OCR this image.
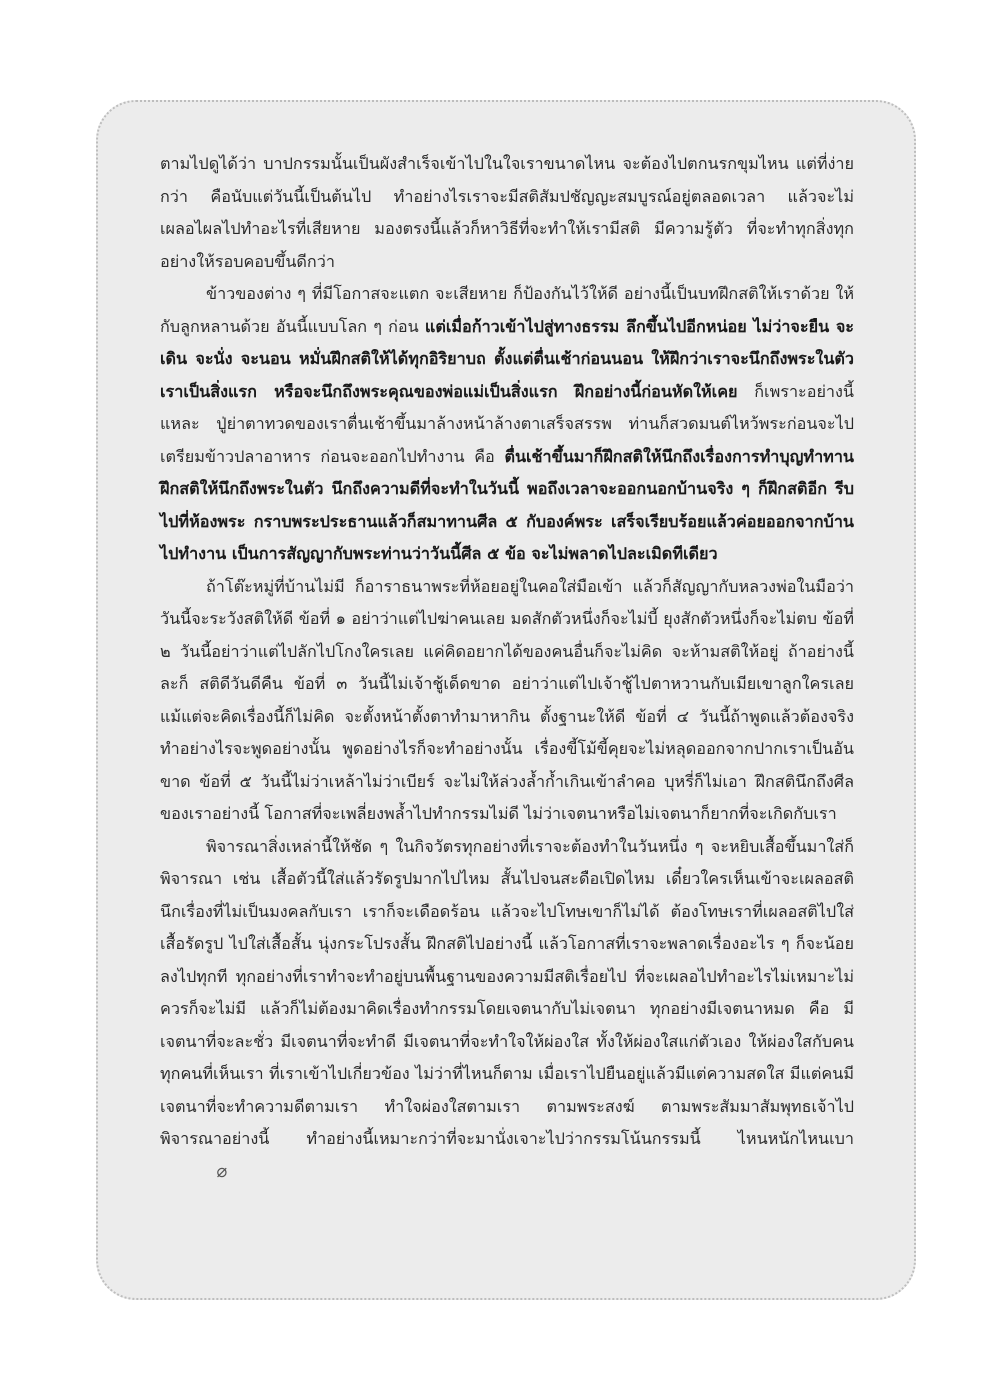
ตามไปดูได้ว่า บาปกรรมนั้นเป็นผังสำเร็จเข้าไปในใจเราขนาดไหน จะต้องไปตกนรกขุมไหน แต่ที่ง่ายกว่า คือนับแต่วันนี้เป็นต้นไป ทำอย่างไรเราจะมีสติสัมปชัญญะสมบูรณ์อยู่ตลอดเวลา แล้วจะไม่เผลอไผลไปทำอะไรที่เสียหาย มองตรงนี้แล้วก็หาวิธีที่จะทำให้เรามีสติ มีความรู้ตัว ที่จะทำทุกสิ่งทุกอย่างให้รอบคอบขึ้นดีกว่า

ข้าวของต่าง ๆ ที่มีโอกาสจะแตก จะเสียหาย ก็ป้องกันไว้ให้ดี อย่างนี้เป็นบทฝึกสติให้เราด้วย ให้กับลูกหลานด้วย อันนี้แบบโลก ๆ ก่อน แต่เมื่อก้าวเข้าไปสู่ทางธรรม ลึกขึ้นไปอีกหน่อย ไม่ว่าจะยืน จะเดิน จะนั่ง จะนอน หมั่นฝึกสติให้ได้ทุกอิริยาบถ ตั้งแต่ตื่นเช้าก่อนนอน ให้ฝึกว่าเราจะนึกถึงพระในตัวเราเป็นสิ่งแรก หรือจะนึกถึงพระคุณของพ่อแม่เป็นสิ่งแรก ฝึกอย่างนี้ก่อนหัดให้เคย ก็เพราะอย่างนี้แหละ ปู่ย่าตาทวดของเราตื่นเช้าขึ้นมาล้างหน้าล้างตาเสร็จสรรพ ท่านก็สวดมนต์ไหว้พระก่อนจะไปเตรียมข้าวปลาอาหาร ก่อนจะออกไปทำงาน คือ ตื่นเช้าขึ้นมาก็ฝึกสติให้นึกถึงเรื่องการทำบุญทำทาน ฝึกสติให้นึกถึงพระในตัว นึกถึงความดีที่จะทำในวันนี้ พอถึงเวลาจะออกนอกบ้านจริง ๆ ก็ฝึกสติอีก รีบไปที่ห้องพระ กราบพระประธานแล้วก็สมาทานศีล ๕ กับองค์พระ เสร็จเรียบร้อยแล้วค่อยออกจากบ้านไปทำงาน เป็นการสัญญากับพระท่านว่าวันนี้ศีล ๕ ข้อ จะไม่พลาดไปละเมิดทีเดียว

ถ้าโต๊ะหมู่ที่บ้านไม่มี ก็อาราธนาพระที่ห้อยอยู่ในคอใส่มือเข้า แล้วก็สัญญากับหลวงพ่อในมือว่า วันนี้จะระวังสติให้ดี ข้อที่ ๑ อย่าว่าแต่ไปฆ่าคนเลย มดสักตัวหนึ่งก็จะไม่บี้ ยุงสักตัวหนึ่งก็จะไม่ตบ ข้อที่ ๒ วันนี้อย่าว่าแต่ไปลักไปโกงใครเลย แค่คิดอยากได้ของคนอื่นก็จะไม่คิด จะห้ามสติให้อยู่ ถ้าอย่างนี้ละก็ สติดีวันดีคืน ข้อที่ ๓ วันนี้ไม่เจ้าชู้เด็ดขาด อย่าว่าแต่ไปเจ้าชู้ไปตาหวานกับเมียเขาลูกใครเลย แม้แต่จะคิดเรื่องนี้ก็ไม่คิด จะตั้งหน้าตั้งตาทำมาหากิน ตั้งฐานะให้ดี ข้อที่ ๔ วันนี้ถ้าพูดแล้วต้องจริง ทำอย่างไรจะพูดอย่างนั้น พูดอย่างไรก็จะทำอย่างนั้น เรื่องขี้โม้ขี้คุยจะไม่หลุดออกจากปากเราเป็นอันขาด ข้อที่ ๕ วันนี้ไม่ว่าเหล้าไม่ว่าเบียร์ จะไม่ให้ล่วงล้ำก้ำเกินเข้าลำคอ บุหรี่ก็ไม่เอา ฝึกสตินึกถึงศีลของเราอย่างนี้ โอกาสที่จะเพลี่ยงพล้ำไปทำกรรมไม่ดี ไม่ว่าเจตนาหรือไม่เจตนาก็ยากที่จะเกิดกับเรา

พิจารณาสิ่งเหล่านี้ให้ชัด ๆ ในกิจวัตรทุกอย่างที่เราจะต้องทำในวันหนึ่ง ๆ จะหยิบเสื้อขึ้นมาใส่ก็พิจารณา เช่น เสื้อตัวนี้ใส่แล้วรัดรูปมากไปไหม สั้นไปจนสะดือเปิดไหม เดี๋ยวใครเห็นเข้าจะเผลอสติ นึกเรื่องที่ไม่เป็นมงคลกับเรา เราก็จะเดือดร้อน แล้วจะไปโทษเขาก็ไม่ได้ ต้องโทษเราที่เผลอสติไปใส่เสื้อรัดรูป ไปใส่เสื้อสั้น นุ่งกระโปรงสั้น ฝึกสติไปอย่างนี้ แล้วโอกาสที่เราจะพลาดเรื่องอะไร ๆ ก็จะน้อยลงไปทุกที ทุกอย่างที่เราทำจะทำอยู่บนพื้นฐานของความมีสติเรื่อยไป ที่จะเผลอไปทำอะไรไม่เหมาะไม่ควรก็จะไม่มี แล้วก็ไม่ต้องมาคิดเรื่องทำกรรมโดยเจตนากับไม่เจตนา ทุกอย่างมีเจตนาหมด คือ มีเจตนาที่จะละชั่ว มีเจตนาที่จะทำดี มีเจตนาที่จะทำใจให้ผ่องใส ทั้งให้ผ่องใสแก่ตัวเอง ให้ผ่องใสกับคนทุกคนที่เห็นเรา ที่เราเข้าไปเกี่ยวข้อง ไม่ว่าที่ไหนก็ตาม เมื่อเราไปยืนอยู่แล้วมีแต่ความสดใส มีแต่คนมีเจตนาที่จะทำความดีตามเรา ทำใจผ่องใสตามเรา ตามพระสงฆ์ ตามพระสัมมาสัมพุทธเจ้าไป พิจารณาอย่างนี้ ทำอย่างนี้เหมาะกว่าที่จะมานั่งเจาะไปว่ากรรมโน้นกรรมนี้ ไหนหนักไหนเบา⌀
